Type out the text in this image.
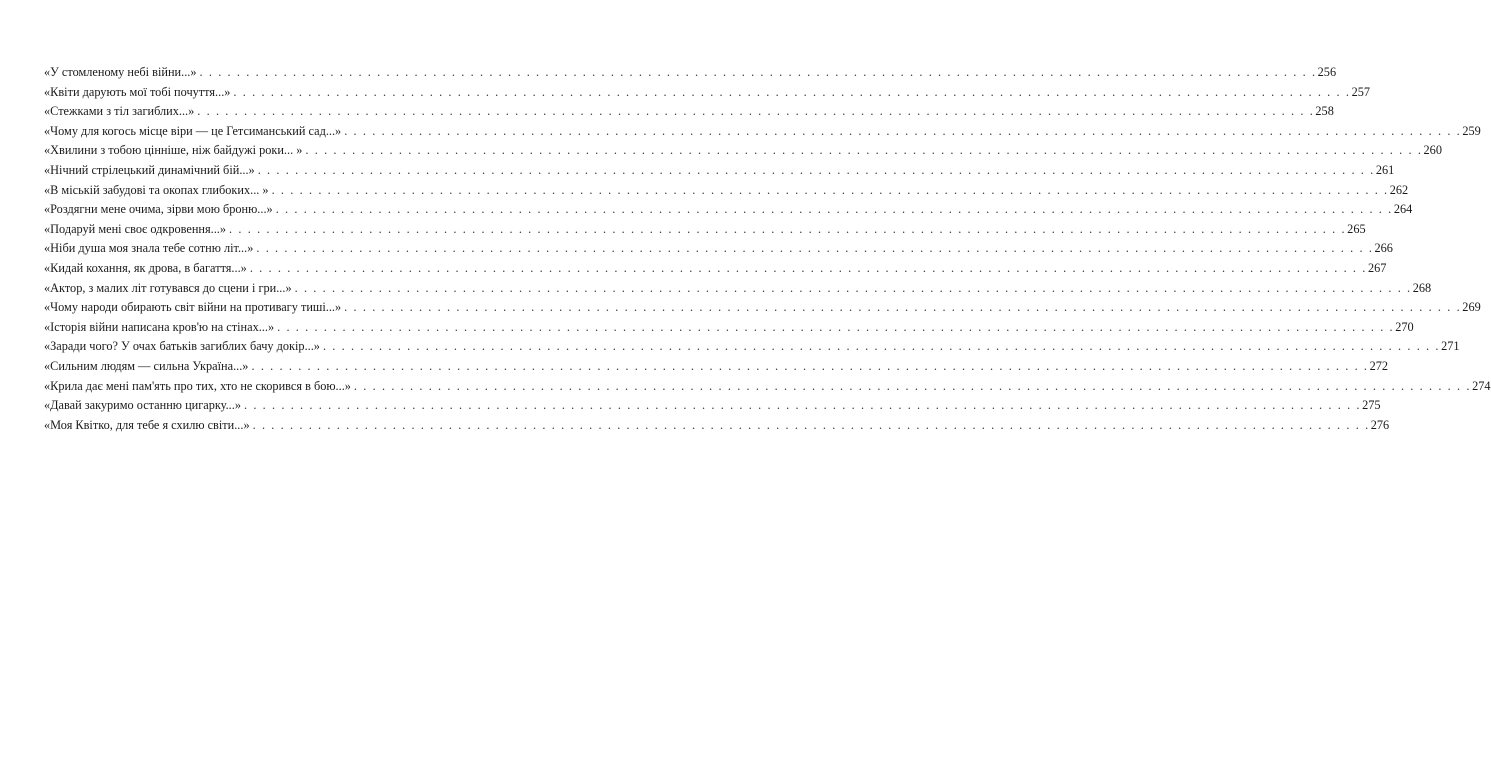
«У стомленому небі війни...» . . . . . . . . . . . . . . . . . . . . . . . . . . . . . . . . . . . . . . . . . . . . . . . . . . . . . . . . . . . . . . . . . . . . . . . . . . . . . . . . . . . . . . . . . . . . . . . . . . . . . . . . . . . . . . . . . . . . . . . . 256
«Квіти дарують мої тобі почуття...» . . . . . . . . . . . . . . . . . . . . . . . . . . . . . . . . . . . . . . . . . . . . . . . . . . . . . . . . . . . . . . . . . . . . . . . . . . . . . . . . . . . . . . . . . . . . . . . . . . . . . . . . . . . . . . . . . . . . . . . . 257
«Стежками з тіл загиблих...» . . . . . . . . . . . . . . . . . . . . . . . . . . . . . . . . . . . . . . . . . . . . . . . . . . . . . . . . . . . . . . . . . . . . . . . . . . . . . . . . . . . . . . . . . . . . . . . . . . . . . . . . . . . . . . . . . . . . . . . . 258
«Чому для когось місце віри — це Гетсиманський сад...» . . . . . . . . . . . . . . . . . . . . . . . . . . . . . . . . . . . . . . . . . . . . . . . . . . . . . . . . . . . . . . . . . . . . . . . . . . . . . . . . . . . . . . . . . . . . . . . . . . . . . . . . . . . . . . . . . . . . . . . . 259
«Хвилини з тобою цінніше, ніж байдужі роки... » . . . . . . . . . . . . . . . . . . . . . . . . . . . . . . . . . . . . . . . . . . . . . . . . . . . . . . . . . . . . . . . . . . . . . . . . . . . . . . . . . . . . . . . . . . . . . . . . . . . . . . . . . . . . . . . . . . . . . . . . 260
«Нічний стрілецький динамічний бій...» . . . . . . . . . . . . . . . . . . . . . . . . . . . . . . . . . . . . . . . . . . . . . . . . . . . . . . . . . . . . . . . . . . . . . . . . . . . . . . . . . . . . . . . . . . . . . . . . . . . . . . . . . . . . . . . . . . . . . . . . 261
«В міській забудові та окопах глибоких... » . . . . . . . . . . . . . . . . . . . . . . . . . . . . . . . . . . . . . . . . . . . . . . . . . . . . . . . . . . . . . . . . . . . . . . . . . . . . . . . . . . . . . . . . . . . . . . . . . . . . . . . . . . . . . . . . . . . . . . . . 262
«Роздягни мене очима, зірви мою броню...» . . . . . . . . . . . . . . . . . . . . . . . . . . . . . . . . . . . . . . . . . . . . . . . . . . . . . . . . . . . . . . . . . . . . . . . . . . . . . . . . . . . . . . . . . . . . . . . . . . . . . . . . . . . . . . . . . . . . . . . . 264
«Подаруй мені своє одкровення...» . . . . . . . . . . . . . . . . . . . . . . . . . . . . . . . . . . . . . . . . . . . . . . . . . . . . . . . . . . . . . . . . . . . . . . . . . . . . . . . . . . . . . . . . . . . . . . . . . . . . . . . . . . . . . . . . . . . . . . . . 265
«Ніби душа моя знала тебе сотню літ...» . . . . . . . . . . . . . . . . . . . . . . . . . . . . . . . . . . . . . . . . . . . . . . . . . . . . . . . . . . . . . . . . . . . . . . . . . . . . . . . . . . . . . . . . . . . . . . . . . . . . . . . . . . . . . . . . . . . . . . . . 266
«Кидай кохання, як дрова, в багаття...» . . . . . . . . . . . . . . . . . . . . . . . . . . . . . . . . . . . . . . . . . . . . . . . . . . . . . . . . . . . . . . . . . . . . . . . . . . . . . . . . . . . . . . . . . . . . . . . . . . . . . . . . . . . . . . . . . . . . . . . . 267
«Актор, з малих літ готувався до сцени і гри...» . . . . . . . . . . . . . . . . . . . . . . . . . . . . . . . . . . . . . . . . . . . . . . . . . . . . . . . . . . . . . . . . . . . . . . . . . . . . . . . . . . . . . . . . . . . . . . . . . . . . . . . . . . . . . . . . . . . . . . . . 268
«Чому народи обирають світ війни на противагу тиші...» . . . . . . . . . . . . . . . . . . . . . . . . . . . . . . . . . . . . . . . . . . . . . . . . . . . . . . . . . . . . . . . . . . . . . . . . . . . . . . . . . . . . . . . . . . . . . . . . . . . . . . . . . . . . . . . . . . . . . . . . 269
«Історія війни написана кров'ю на стінах...» . . . . . . . . . . . . . . . . . . . . . . . . . . . . . . . . . . . . . . . . . . . . . . . . . . . . . . . . . . . . . . . . . . . . . . . . . . . . . . . . . . . . . . . . . . . . . . . . . . . . . . . . . . . . . . . . . . . . . . . . 270
«Заради чого? У очах батьків загиблих бачу докір...» . . . . . . . . . . . . . . . . . . . . . . . . . . . . . . . . . . . . . . . . . . . . . . . . . . . . . . . . . . . . . . . . . . . . . . . . . . . . . . . . . . . . . . . . . . . . . . . . . . . . . . . . . . . . . . . . . . . . . . . . 271
«Сильним людям — сильна Україна...» . . . . . . . . . . . . . . . . . . . . . . . . . . . . . . . . . . . . . . . . . . . . . . . . . . . . . . . . . . . . . . . . . . . . . . . . . . . . . . . . . . . . . . . . . . . . . . . . . . . . . . . . . . . . . . . . . . . . . . . . 272
«Крила дає мені пам'ять про тих, хто не скорився в бою...» . . . . . . . . . . . . . . . . . . . . . . . . . . . . . . . . . . . . . . . . . . . . . . . . . . . . . . . . . . . . . . . . . . . . . . . . . . . . . . . . . . . . . . . . . . . . . . . . . . . . . . . . . . . . . . . . . . . . . . . . 274
«Давай закуримо останню цигарку...» . . . . . . . . . . . . . . . . . . . . . . . . . . . . . . . . . . . . . . . . . . . . . . . . . . . . . . . . . . . . . . . . . . . . . . . . . . . . . . . . . . . . . . . . . . . . . . . . . . . . . . . . . . . . . . . . . . . . . . . . 275
«Моя Квітко, для тебе я схилю світи...» . . . . . . . . . . . . . . . . . . . . . . . . . . . . . . . . . . . . . . . . . . . . . . . . . . . . . . . . . . . . . . . . . . . . . . . . . . . . . . . . . . . . . . . . . . . . . . . . . . . . . . . . . . . . . . . . . . . . . . . . 276
